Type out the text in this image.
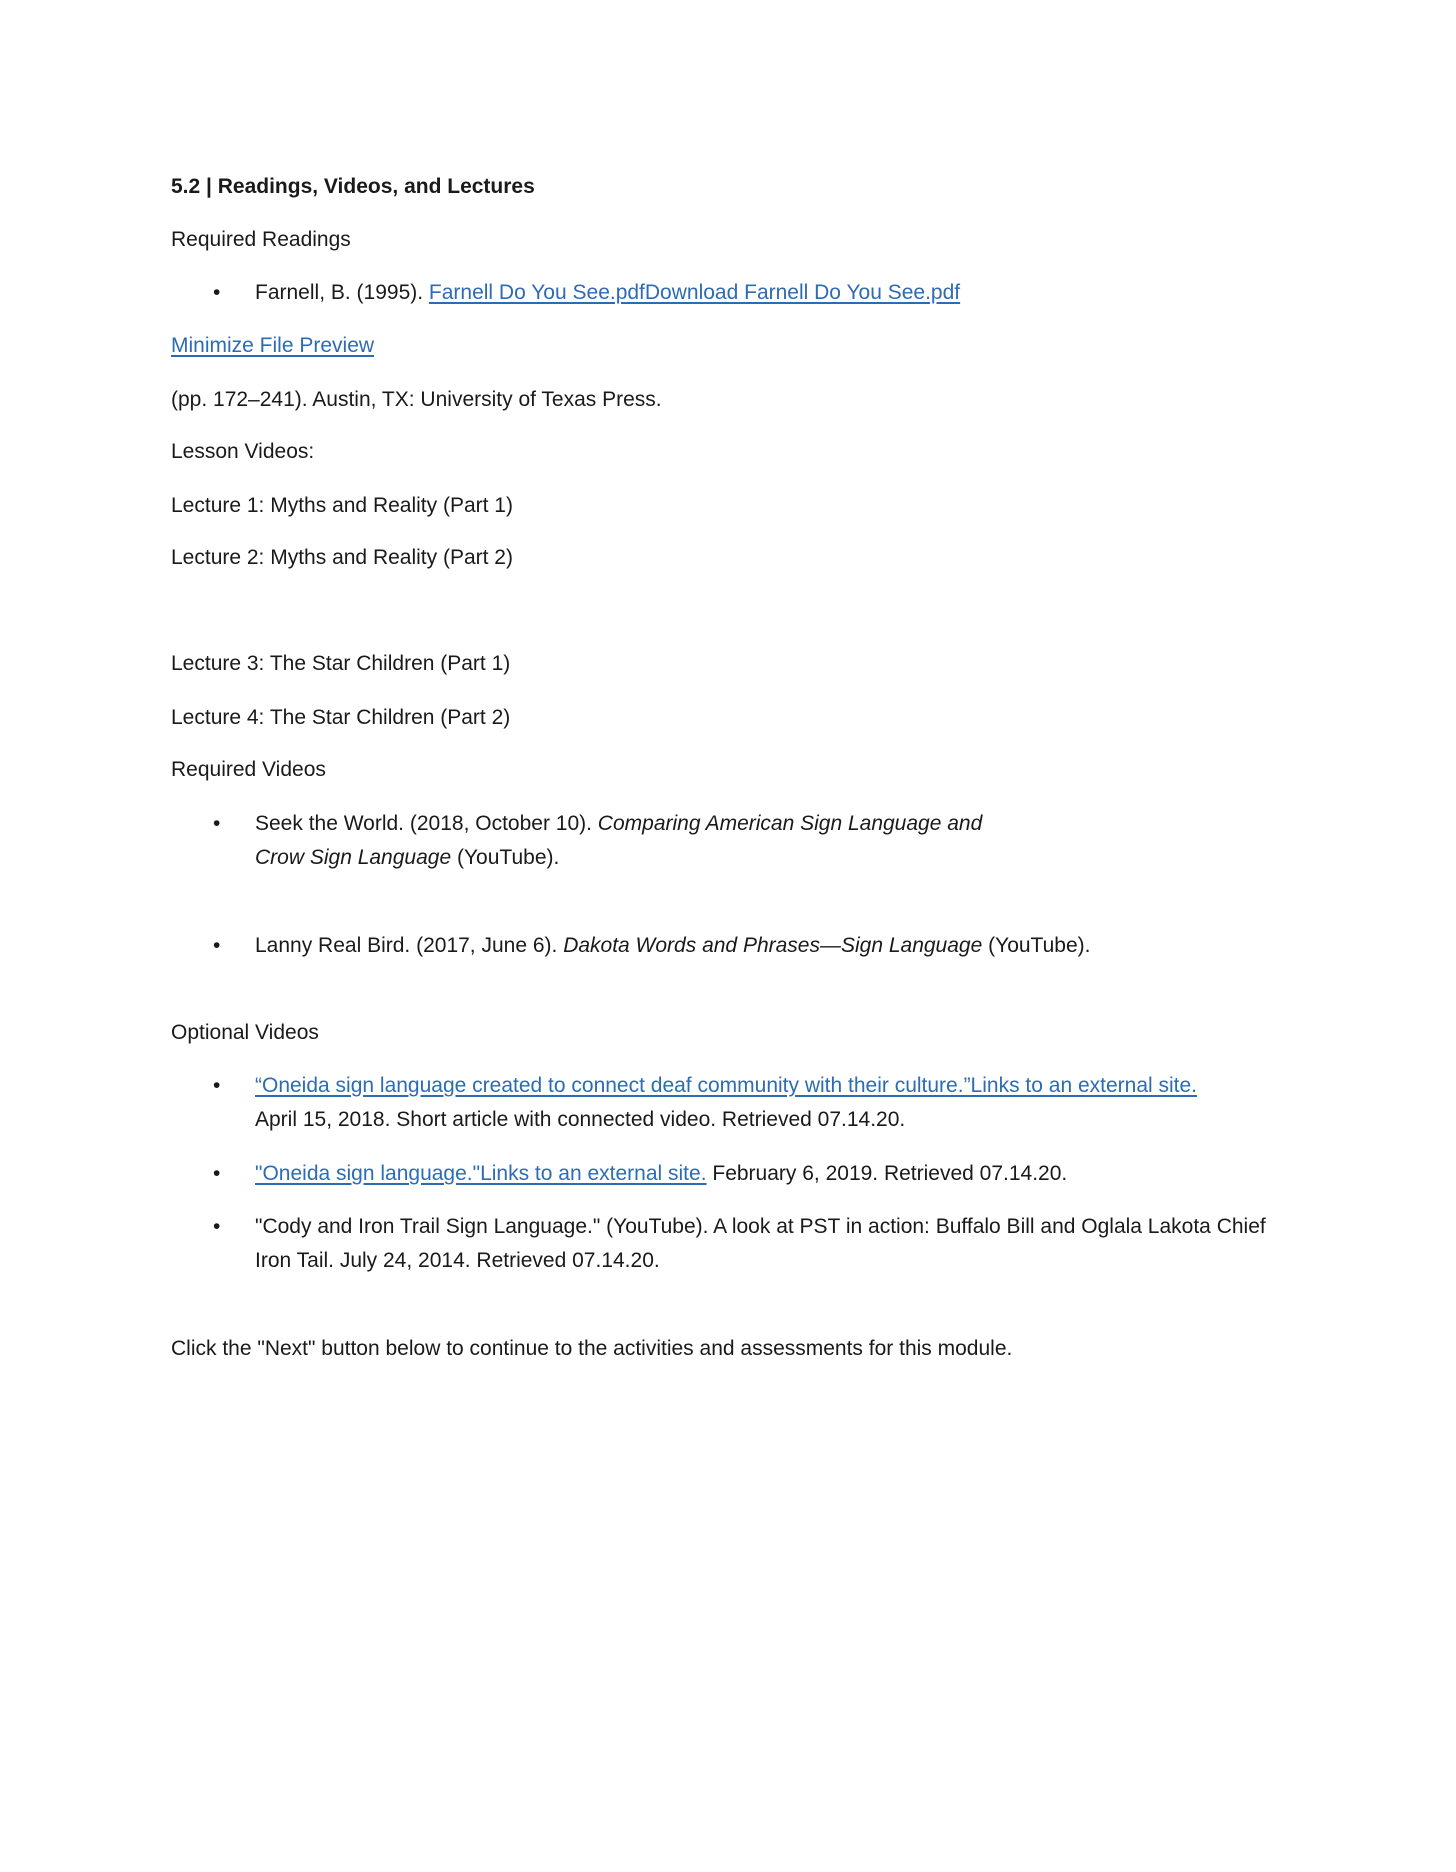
5.2 | Readings, Videos, and Lectures
Required Readings
• Farnell, B. (1995). Farnell Do You See.pdfDownload Farnell Do You See.pdf
Minimize File Preview
(pp. 172–241). Austin, TX: University of Texas Press.
Lesson Videos:
Lecture 1: Myths and Reality (Part 1)
Lecture 2: Myths and Reality (Part 2)
Lecture 3: The Star Children (Part 1)
Lecture 4: The Star Children (Part 2)
Required Videos
• Seek the World. (2018, October 10). Comparing American Sign Language and Crow Sign Language (YouTube).
• Lanny Real Bird. (2017, June 6). Dakota Words and Phrases—Sign Language (YouTube).
Optional Videos
• “Oneida sign language created to connect deaf community with their culture.”Links to an external site. April 15, 2018. Short article with connected video. Retrieved 07.14.20.
• "Oneida sign language."Links to an external site. February 6, 2019. Retrieved 07.14.20.
• "Cody and Iron Trail Sign Language." (YouTube). A look at PST in action: Buffalo Bill and Oglala Lakota Chief Iron Tail. July 24, 2014. Retrieved 07.14.20.
Click the "Next" button below to continue to the activities and assessments for this module.
